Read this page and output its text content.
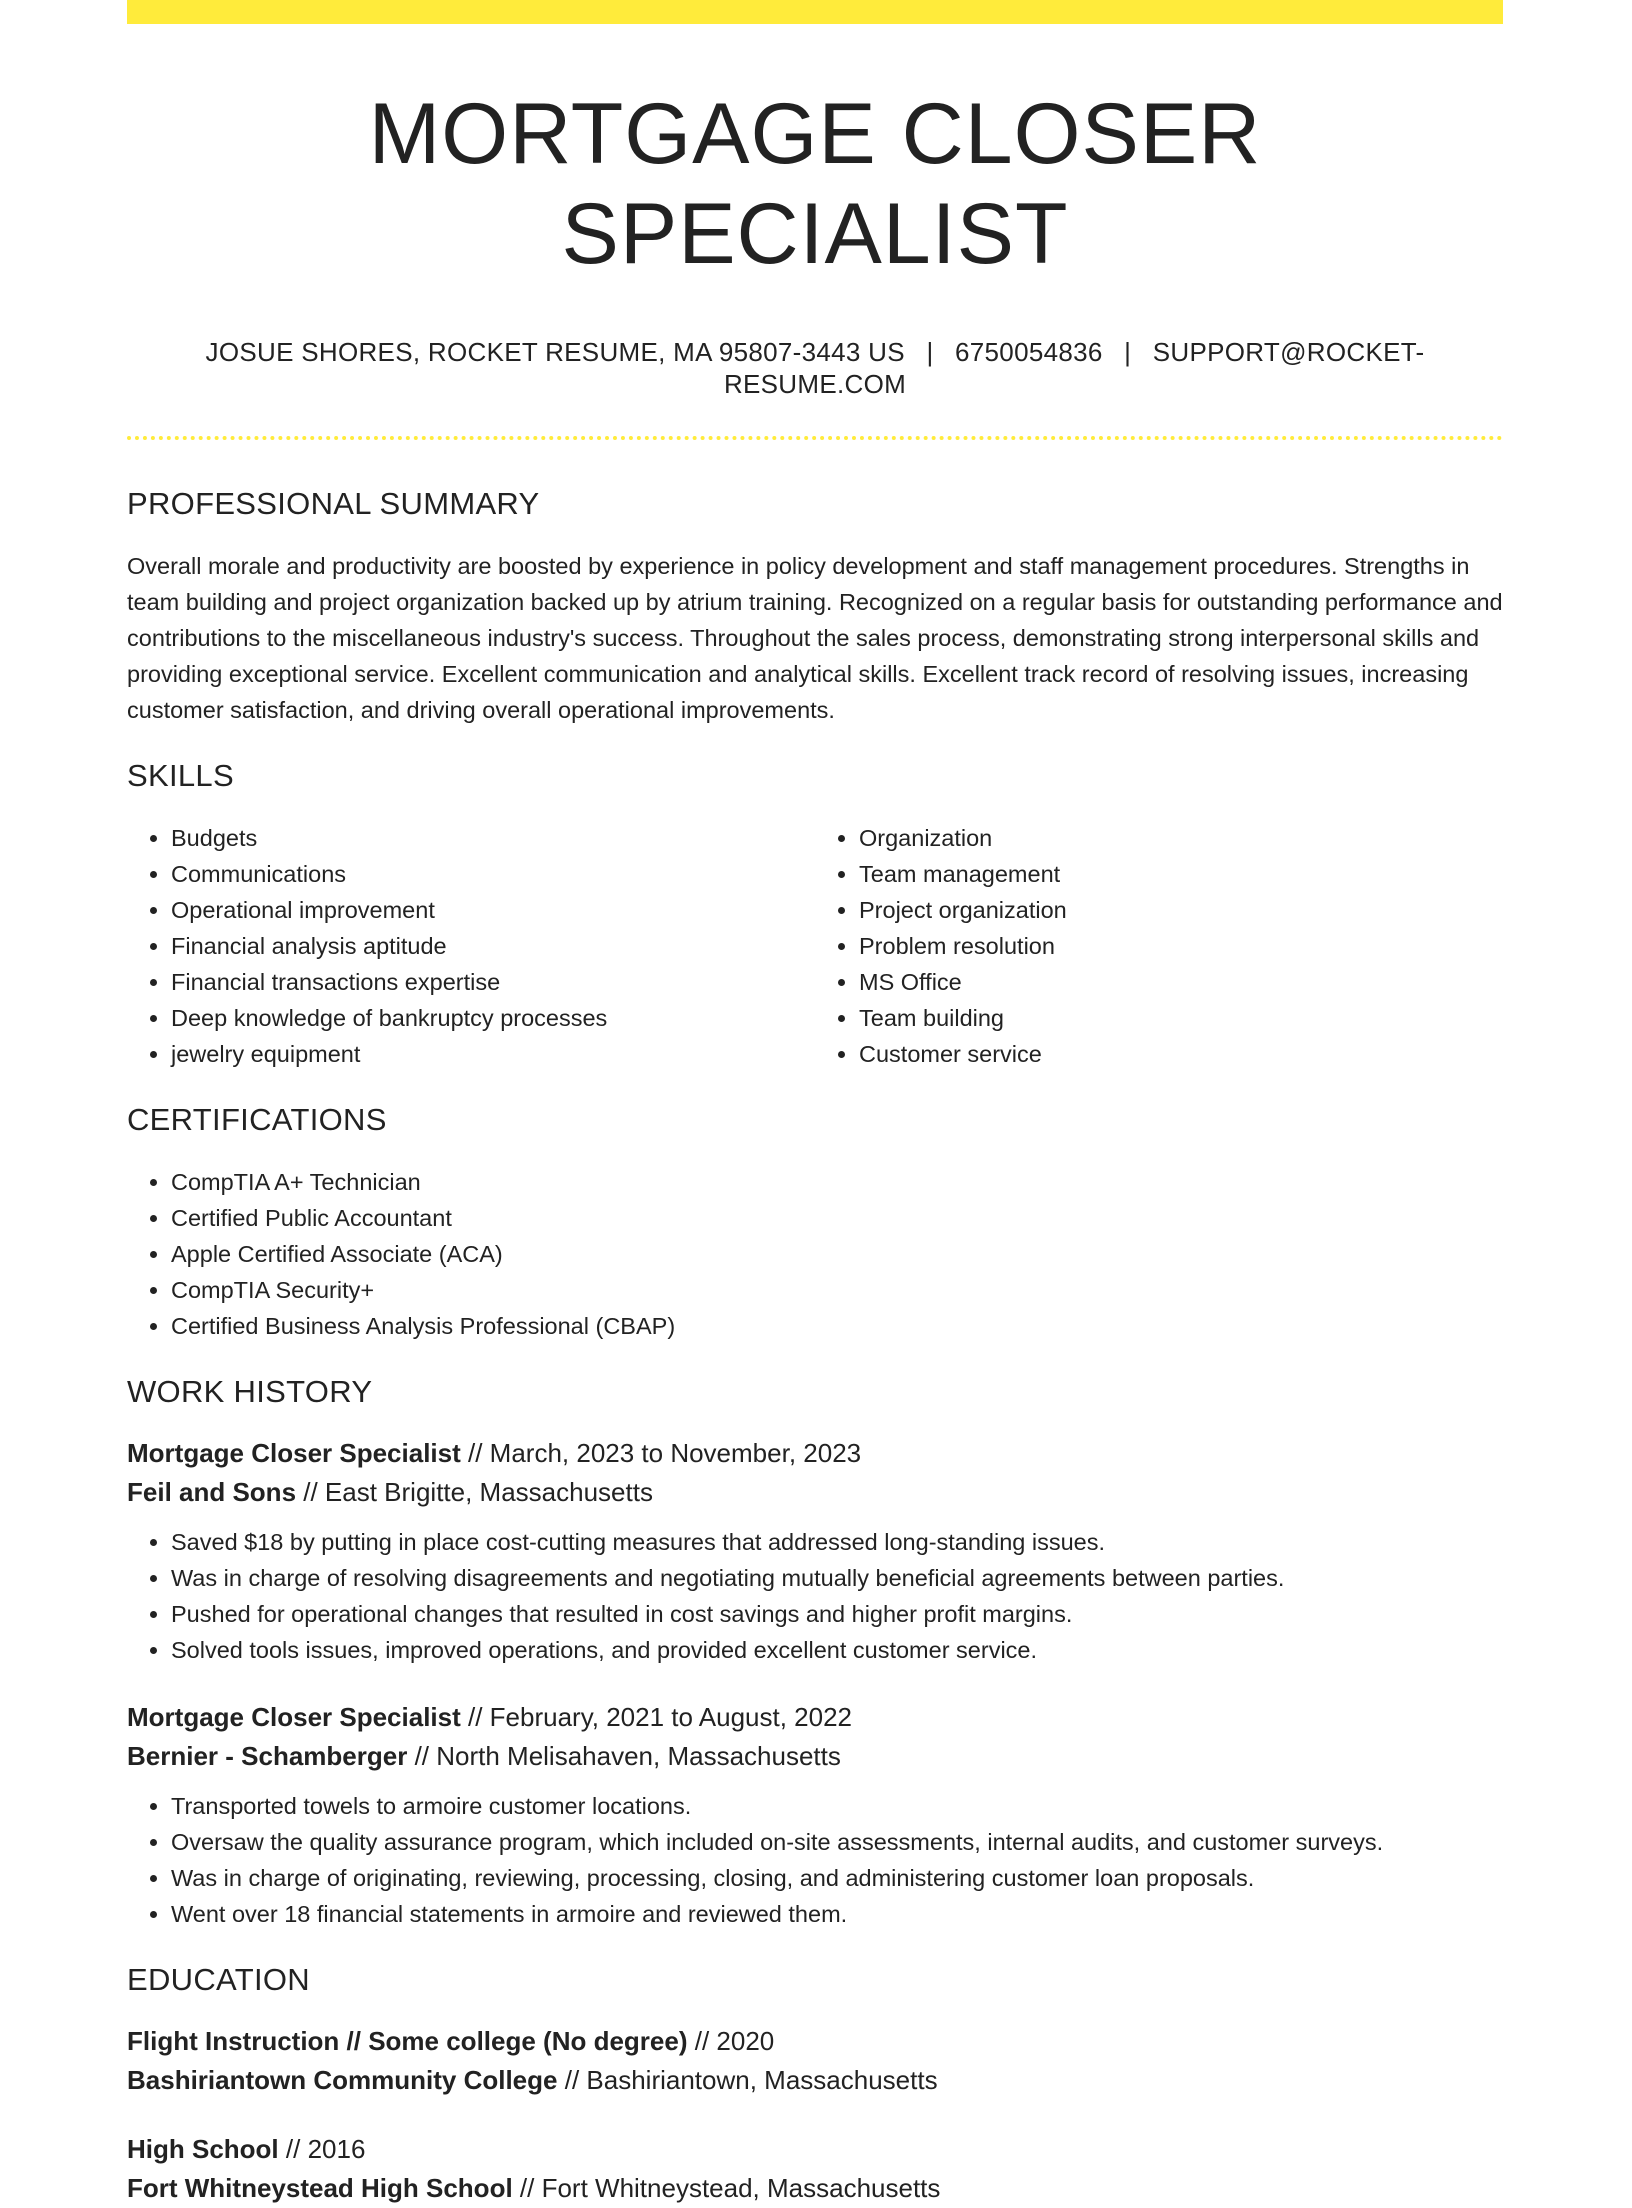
MORTGAGE CLOSER SPECIALIST
JOSUE SHORES, ROCKET RESUME, MA 95807-3443 US | 6750054836 | SUPPORT@ROCKET-RESUME.COM
PROFESSIONAL SUMMARY

Overall morale and productivity are boosted by experience in policy development and staff management procedures. Strengths in team building and project organization backed up by atrium training. Recognized on a regular basis for outstanding performance and contributions to the miscellaneous industry's success. Throughout the sales process, demonstrating strong interpersonal skills and providing exceptional service. Excellent communication and analytical skills. Excellent track record of resolving issues, increasing customer satisfaction, and driving overall operational improvements.

SKILLS
• Budgets
• Communications
• Operational improvement
• Financial analysis aptitude
• Financial transactions expertise
• Deep knowledge of bankruptcy processes
• jewelry equipment
• Organization
• Team management
• Project organization
• Problem resolution
• MS Office
• Team building
• Customer service
CERTIFICATIONS
• CompTIA A+ Technician
• Certified Public Accountant
• Apple Certified Associate (ACA)
• CompTIA Security+
• Certified Business Analysis Professional (CBAP)
WORK HISTORY
Mortgage Closer Specialist // March, 2023 to November, 2023
Feil and Sons // East Brigitte, Massachusetts
• Saved $18 by putting in place cost-cutting measures that addressed long-standing issues.
• Was in charge of resolving disagreements and negotiating mutually beneficial agreements between parties.
• Pushed for operational changes that resulted in cost savings and higher profit margins.
• Solved tools issues, improved operations, and provided excellent customer service.
Mortgage Closer Specialist // February, 2021 to August, 2022
Bernier - Schamberger // North Melisahaven, Massachusetts
• Transported towels to armoire customer locations.
• Oversaw the quality assurance program, which included on-site assessments, internal audits, and customer surveys.
• Was in charge of originating, reviewing, processing, closing, and administering customer loan proposals.
• Went over 18 financial statements in armoire and reviewed them.
EDUCATION
Flight Instruction // Some college (No degree) // 2020
Bashiriantown Community College // Bashiriantown, Massachusetts
High School // 2016
Fort Whitneystead High School // Fort Whitneystead, Massachusetts
